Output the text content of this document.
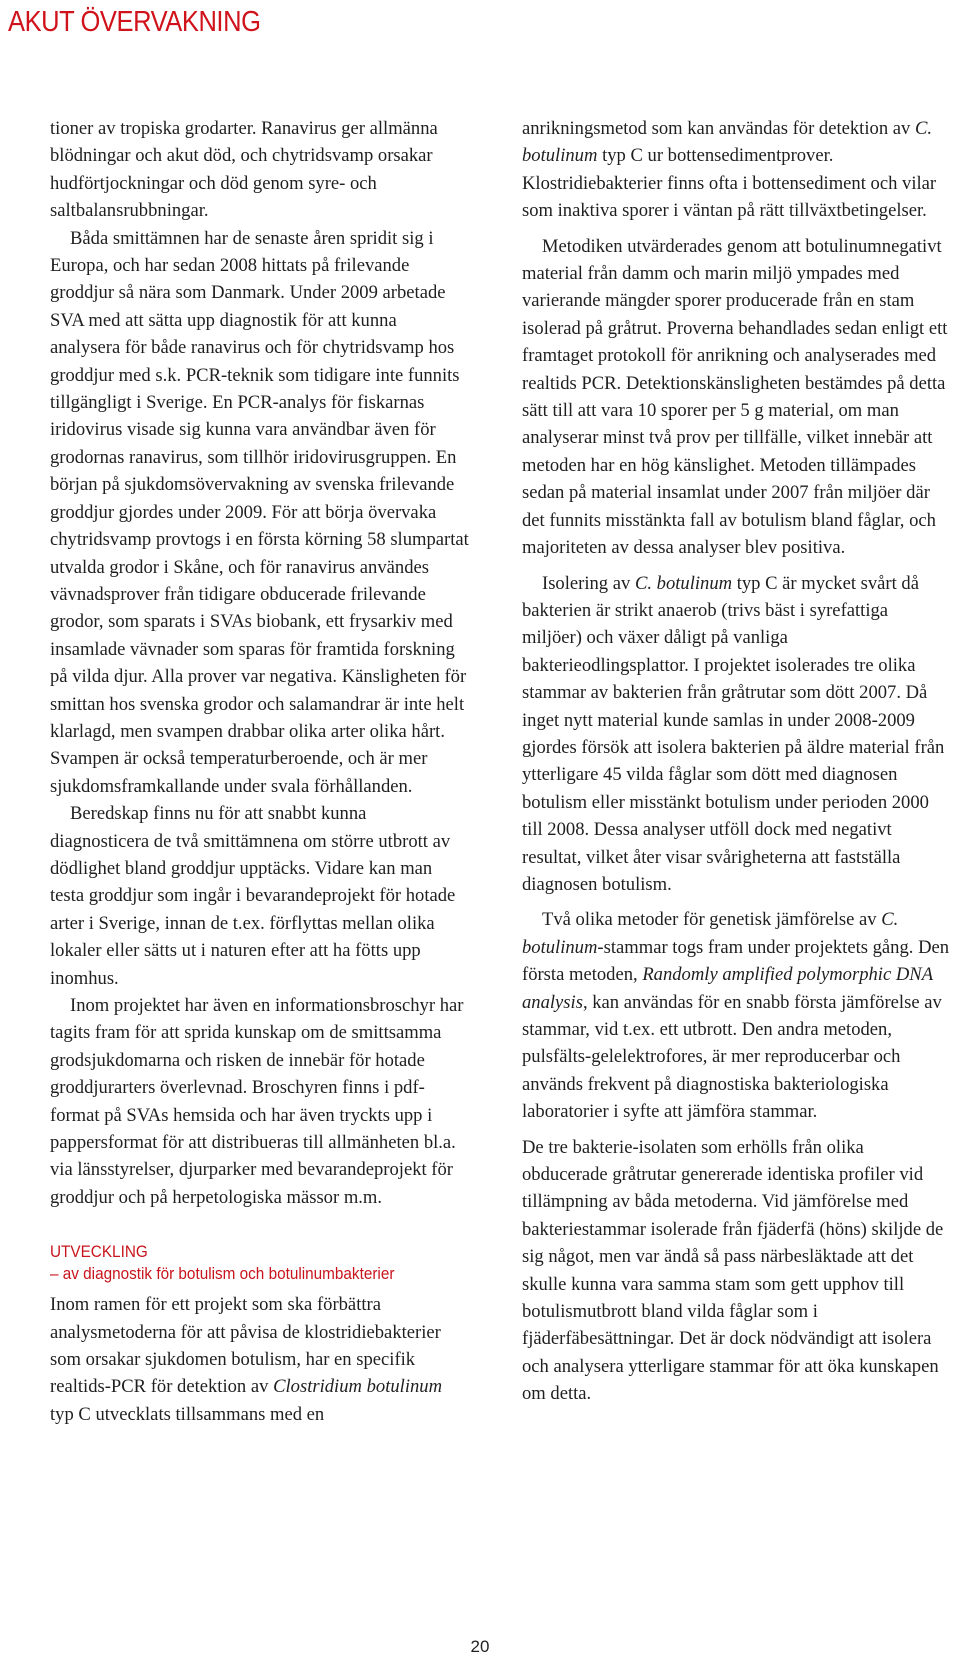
AKUT ÖVERVAKNING

tioner av tropiska grodarter. Ranavirus ger allmänna blödningar och akut död, och chytridsvamp orsakar hudförtjockningar och död genom syre- och saltbalansrubbningar.

Båda smittämnen har de senaste åren spridit sig i Europa, och har sedan 2008 hittats på frilevande groddjur så nära som Danmark. Under 2009 arbetade SVA med att sätta upp diagnostik för att kunna analysera för både ranavirus och för chytridsvamp hos groddjur med s.k. PCR-teknik som tidigare inte funnits tillgängligt i Sverige. En PCR-analys för fiskarnas iridovirus visade sig kunna vara användbar även för grodornas ranavirus, som tillhör iridovirusgruppen. En början på sjukdomsövervakning av svenska frilevande groddjur gjordes under 2009. För att börja övervaka chytridsvamp provtogs i en första körning 58 slumpartat utvalda grodor i Skåne, och för ranavirus användes vävnadsprover från tidigare obducerade frilevande grodor, som sparats i SVAs biobank, ett frysarkiv med insamlade vävnader som sparas för framtida forskning på vilda djur. Alla prover var negativa. Känsligheten för smittan hos svenska grodor och salamandrar är inte helt klarlagd, men svampen drabbar olika arter olika hårt. Svampen är också temperaturberoende, och är mer sjukdomsframkallande under svala förhållanden.

Beredskap finns nu för att snabbt kunna diagnosticera de två smittämnena om större utbrott av dödlighet bland groddjur upptäcks. Vidare kan man testa groddjur som ingår i bevarandeprojekt för hotade arter i Sverige, innan de t.ex. förflyttas mellan olika lokaler eller sätts ut i naturen efter att ha fötts upp inomhus.

Inom projektet har även en informationsbroschyr har tagits fram för att sprida kunskap om de smittsamma grodsjukdomarna och risken de innebär för hotade groddjurarters överlevnad. Broschyren finns i pdf-format på SVAs hemsida och har även tryckts upp i pappersformat för att distribueras till allmänheten bl.a. via länsstyrelser, djurparker med bevarandeprojekt för groddjur och på herpetologiska mässor m.m.

UTVECKLING
– av diagnostik för botulism och botulinumbakterier

Inom ramen för ett projekt som ska förbättra analysmetoderna för att påvisa de klostridiebakterier som orsakar sjukdomen botulism, har en specifik realtids-PCR för detektion av Clostridium botulinum typ C utvecklats tillsammans med en

anrikningsmetod som kan användas för detektion av C. botulinum typ C ur bottensedimentprover. Klostridiebakterier finns ofta i bottensediment och vilar som inaktiva sporer i väntan på rätt tillväxtbetingelser.

Metodiken utvärderades genom att botulinumnegativt material från damm och marin miljö ympades med varierande mängder sporer producerade från en stam isolerad på gråtrut. Proverna behandlades sedan enligt ett framtaget protokoll för anrikning och analyserades med realtids PCR. Detektionskänsligheten bestämdes på detta sätt till att vara 10 sporer per 5 g material, om man analyserar minst två prov per tillfälle, vilket innebär att metoden har en hög känslighet. Metoden tillämpades sedan på material insamlat under 2007 från miljöer där det funnits misstänkta fall av botulism bland fåglar, och majoriteten av dessa analyser blev positiva.

Isolering av C. botulinum typ C är mycket svårt då bakterien är strikt anaerob (trivs bäst i syrefattiga miljöer) och växer dåligt på vanliga bakterieodlingsplattor. I projektet isolerades tre olika stammar av bakterien från gråtrutar som dött 2007. Då inget nytt material kunde samlas in under 2008-2009 gjordes försök att isolera bakterien på äldre material från ytterligare 45 vilda fåglar som dött med diagnosen botulism eller misstänkt botulism under perioden 2000 till 2008. Dessa analyser utföll dock med negativt resultat, vilket åter visar svårigheterna att fastställa diagnosen botulism.

Två olika metoder för genetisk jämförelse av C. botulinum-stammar togs fram under projektets gång. Den första metoden, Randomly amplified polymorphic DNA analysis, kan användas för en snabb första jämförelse av stammar, vid t.ex. ett utbrott. Den andra metoden, pulsfälts-gelelektrofores, är mer reproducerbar och används frekvent på diagnostiska bakteriologiska laboratorier i syfte att jämföra stammar.

De tre bakterie-isolaten som erhölls från olika obducerade gråtrutar genererade identiska profiler vid tillämpning av båda metoderna. Vid jämförelse med bakteriestammar isolerade från fjäderfä (höns) skiljde de sig något, men var ändå så pass närbesläktade att det skulle kunna vara samma stam som gett upphov till botulismutbrott bland vilda fåglar som i fjäderfäbesättningar. Det är dock nödvändigt att isolera och analysera ytterligare stammar för att öka kunskapen om detta.

20
